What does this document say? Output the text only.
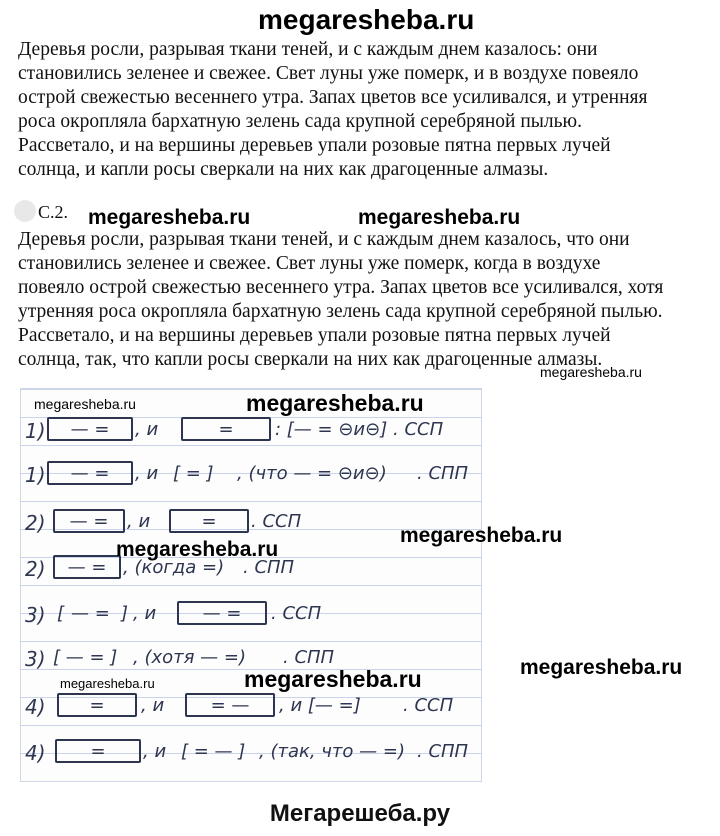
megaresheba.ru

Деревья росли, разрывая ткани теней, и с каждым днем казалось: они

становились зеленее и свежее. Свет луны уже померк, и в воздухе повеяло

острой свежестью весеннего утра. Запах цветов все усиливался, и утренняя

роса окропляла бархатную зелень сада крупной серебряной пылью.

Рассветало, и на вершины деревьев упали розовые пятна первых лучей

солнца, и капли росы сверкали на них как драгоценные алмазы.

С.2. megaresheba.ru	megaresheba.ru

Деревья росли, разрывая ткани теней, и с каждым днем казалось, что они

становились зеленее и свежее. Свет луны уже померк, когда в воздухе

повеяло острой свежестью весеннего утра. Запах цветов все усиливался, хотя

утренняя роса окропляла бархатную зелень сада крупной серебряной пылью.

Рассветало, и на вершины деревьев упали розовые пятна первых лучей

солнца, так, что капли росы сверкали на них как драгоценные алмазы.

megaresheba.ru
1)	— =	, и	=	: [— = ⊖и⊖] . ССП
1)	— =	, и [ = ] , (что — = ⊖и⊖) . СПП
2)	— =	, и	=	. ССП
2)	— = , (когда =) . СПП
3) [ — = ] , и	— =	. ССП
3) [ — = ] , (хотя — =) . СПП
4)	=	, и	= —	, и [— =] . ССП
4)	=	, и [ = — ] , (так, что — =) . СПП
megaresheba.ru	megaresheba.ru
megaresheba.ru
megaresheba.ru
megaresheba.ru
megaresheba.ru	megaresheba.ru
Мегарешеба.ру
